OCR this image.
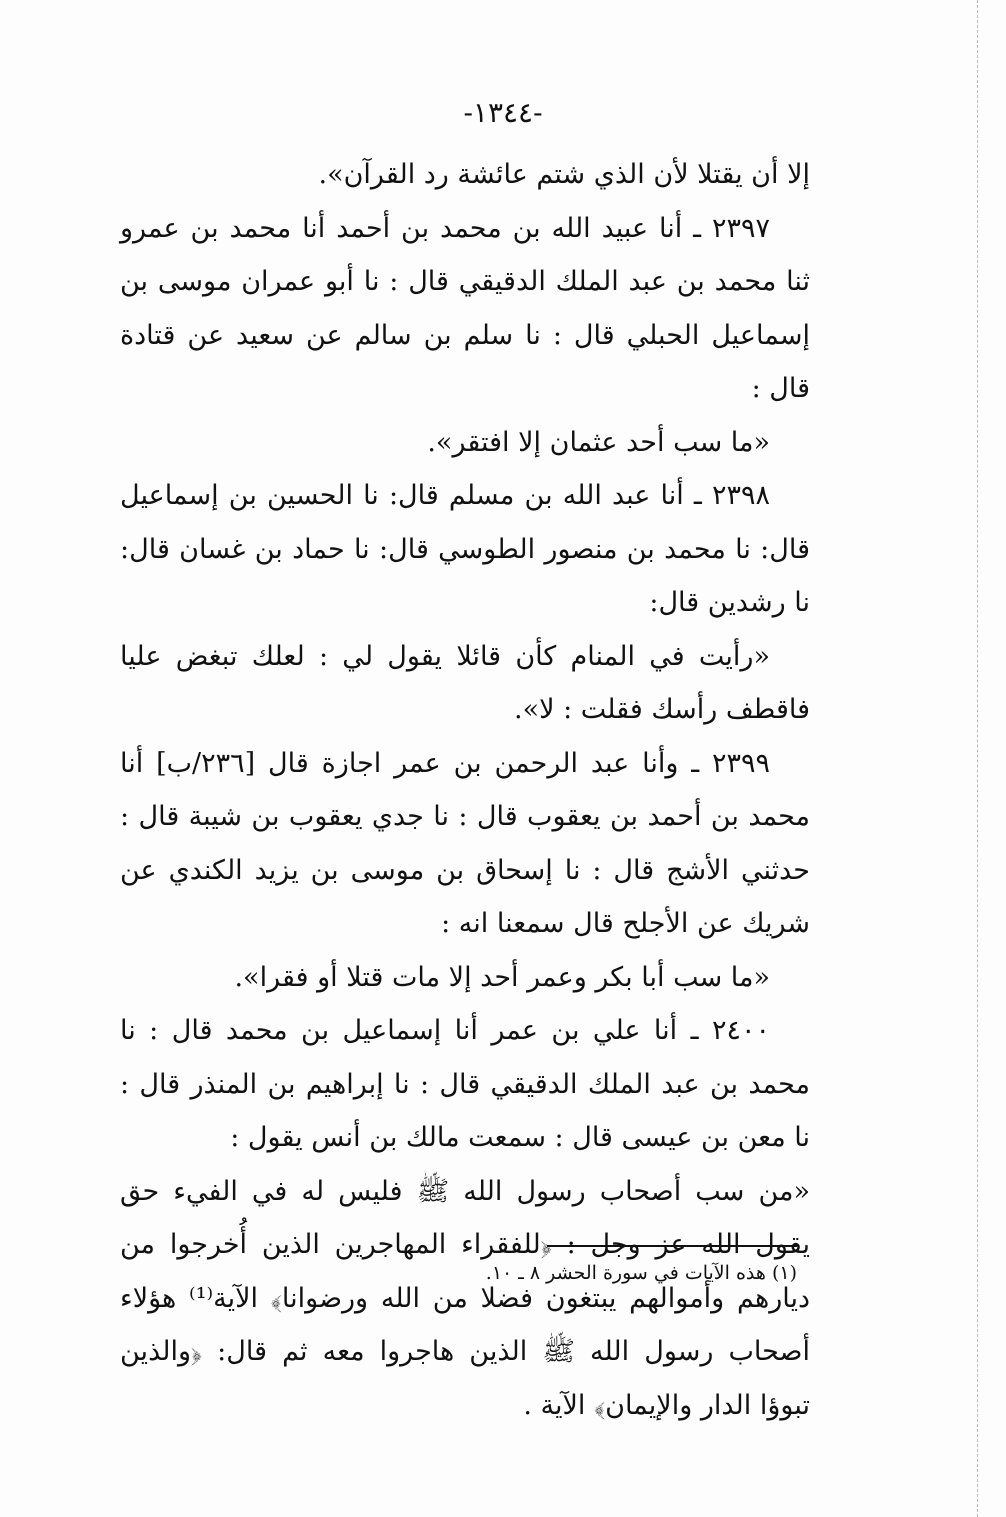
-١٣٤٤-

إلا أن يقتلا لأن الذي شتم عائشة رد القرآن».

٢٣٩٧ ـ أنا عبيد الله بن محمد بن أحمد أنا محمد بن عمرو ثنا محمد بن عبد الملك الدقيقي قال : نا أبو عمران موسى بن إسماعيل الحبلي قال : نا سلم بن سالم عن سعيد عن قتادة قال :

«ما سب أحد عثمان إلا افتقر».

٢٣٩٨ ـ أنا عبد الله بن مسلم قال: نا الحسين بن إسماعيل قال: نا محمد بن منصور الطوسي قال: نا حماد بن غسان قال: نا رشدين قال:

«رأيت في المنام كأن قائلا يقول لي : لعلك تبغض عليا فاقطف رأسك فقلت : لا».

٢٣٩٩ ـ وأنا عبد الرحمن بن عمر اجازة قال [٢٣٦/ب] أنا محمد بن أحمد بن يعقوب قال : نا جدي يعقوب بن شيبة قال : حدثني الأشج قال : نا إسحاق بن موسى بن يزيد الكندي عن شريك عن الأجلح قال سمعنا انه :

«ما سب أبا بكر وعمر أحد إلا مات قتلا أو فقرا».

٢٤٠٠ ـ أنا علي بن عمر أنا إسماعيل بن محمد قال : نا محمد بن عبد الملك الدقيقي قال : نا إبراهيم بن المنذر قال : نا معن بن عيسى قال : سمعت مالك بن أنس يقول :

«من سب أصحاب رسول الله ﷺ فليس له في الفيء حق يقول الله عز وجل : ﴿للفقراء المهاجرين الذين أُخرجوا من ديارهم وأموالهم يبتغون فضلا من الله ورضوانا﴾ الآية⁽¹⁾ هؤلاء أصحاب رسول الله ﷺ الذين هاجروا معه ثم قال: ﴿والذين تبوؤا الدار والإيمان﴾ الآية .

(١) هذه الآيات في سورة الحشر ٨ ـ ١٠.
